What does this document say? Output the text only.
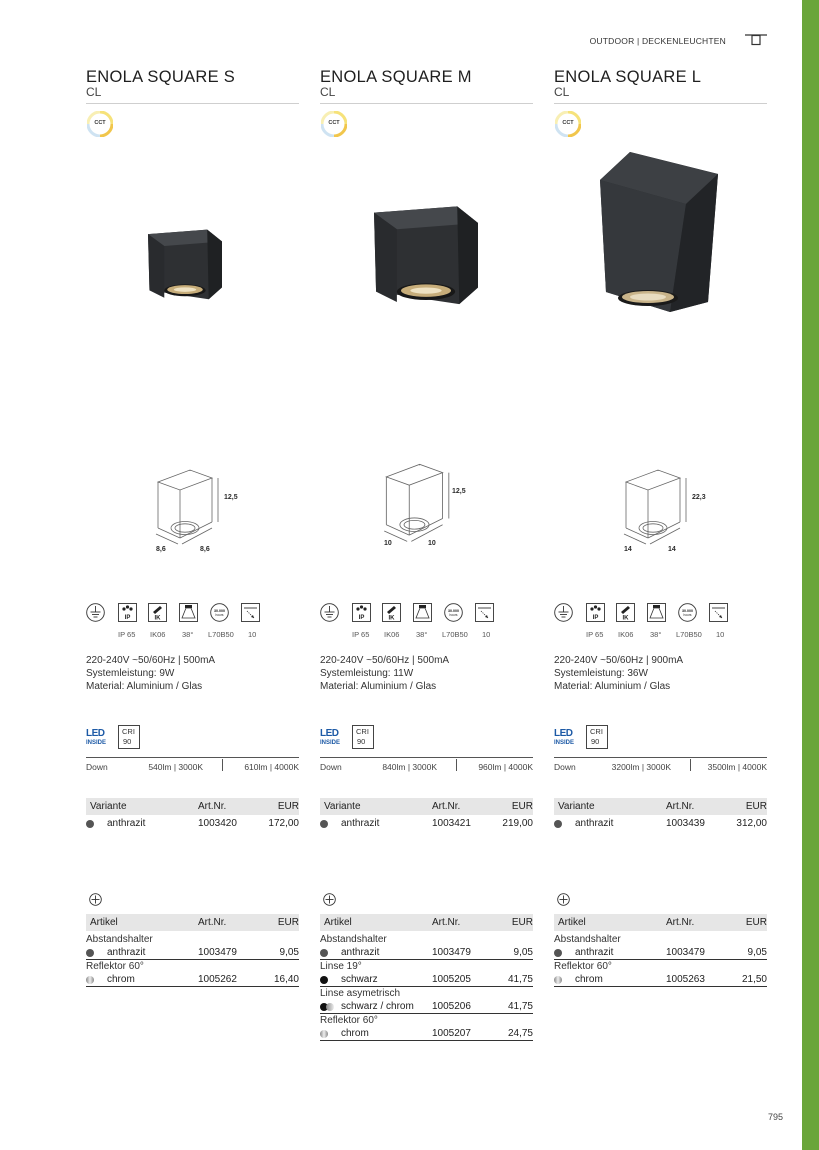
OUTDOOR | DECKENLEUCHTEN
795
ENOLA SQUARE S
CL
CCT
12,5
8,6	8,6
IP	IK
30.000
hours
IP 65 IK06 38° L70B50 10
220-240V ~50/60Hz | 500mA
Systemleistung: 9W
Material: Aluminium / Glas
LED
INSIDE
CRI
90
Down	540lm | 3000K	610lm | 4000K
Variante	Art.Nr.	EUR
anthrazit	1003420	172,00
Artikel	Art.Nr.	EUR
Abstandshalter
anthrazit	1003479	9,05
Reflektor 60°
chrom	1005262	16,40
ENOLA SQUARE M
CL
CCT
12,5
10	10
IP	IK
30.000
hours
IP 65 IK06 38° L70B50 10
220-240V ~50/60Hz | 500mA
Systemleistung: 11W
Material: Aluminium / Glas
LED
INSIDE
CRI
90
Down	840lm | 3000K	960lm | 4000K
Variante	Art.Nr.	EUR
anthrazit	1003421	219,00
Artikel	Art.Nr.	EUR
Abstandshalter
anthrazit	1003479	9,05
Linse 19°
schwarz	1005205	41,75
Linse asymetrisch
schwarz / chrom 1005206	41,75
Reflektor 60°
chrom	1005207	24,75
ENOLA SQUARE L
CL
CCT
22,3
14	14
IP	IK
30.000
hours
IP 65 IK06 38° L70B50 10
220-240V ~50/60Hz | 900mA
Systemleistung: 36W
Material: Aluminium / Glas
LED
INSIDE
CRI
90
Down	3200lm | 3000K	3500lm | 4000K
Variante	Art.Nr.	EUR
anthrazit	1003439	312,00
Artikel	Art.Nr.	EUR
Abstandshalter
anthrazit	1003479	9,05
Reflektor 60°
chrom	1005263	21,50
